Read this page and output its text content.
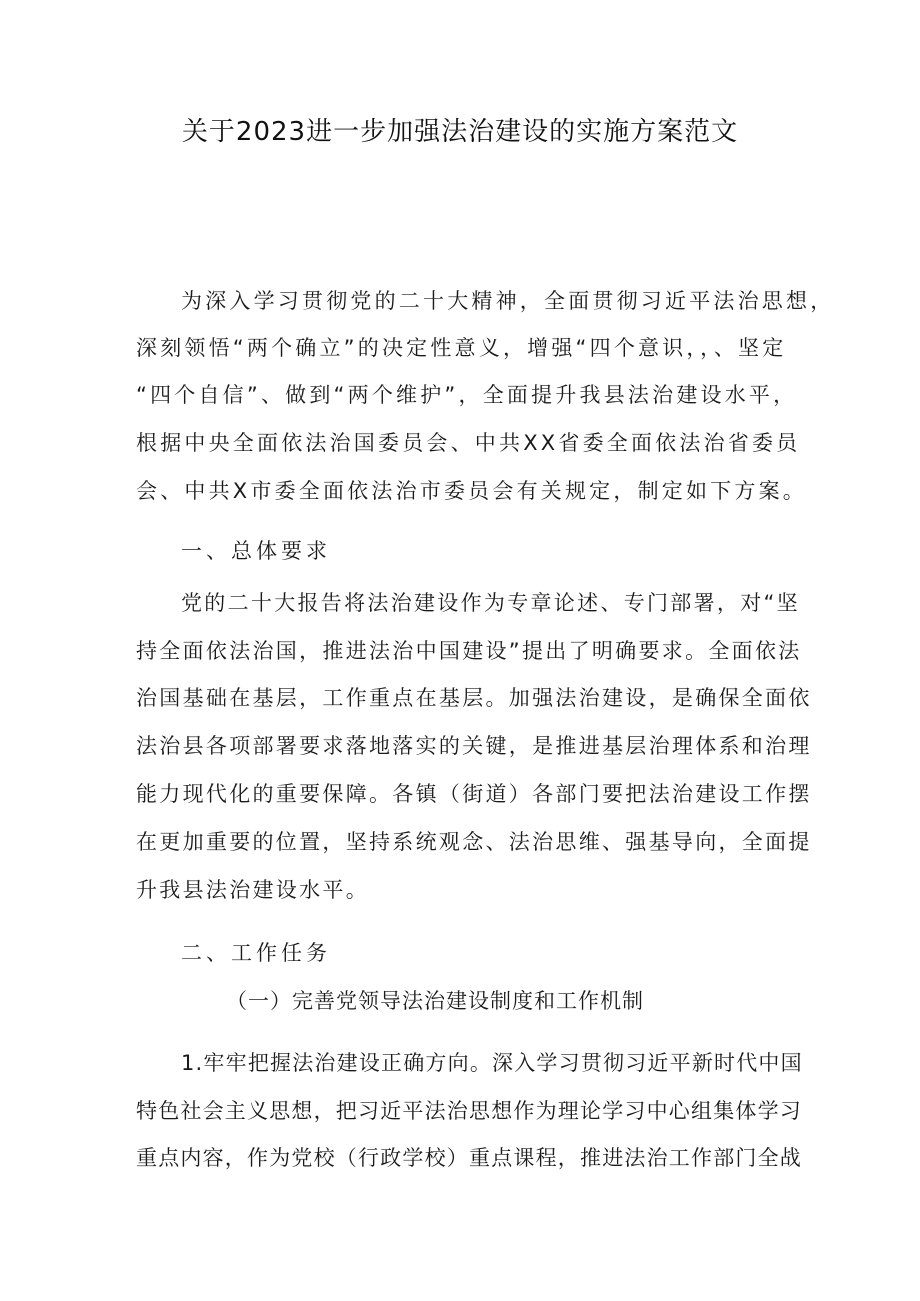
关于2023进一步加强法治建设的实施方案范文

为深入学习贯彻党的二十大精神，全面贯彻习近平法治思想，

深刻领悟“两个确立”的决定性意义，增强“四个意识，，、坚定

“四个自信”、做到“两个维护”，全面提升我县法治建设水平，

根据中央全面依法治国委员会、中共XX省委全面依法治省委员

会、中共X市委全面依法治市委员会有关规定，制定如下方案。

一、总体要求

党的二十大报告将法治建设作为专章论述、专门部署，对“坚

持全面依法治国，推进法治中国建设”提出了明确要求。全面依法

治国基础在基层，工作重点在基层。加强法治建设，是确保全面依

法治县各项部署要求落地落实的关键，是推进基层治理体系和治理

能力现代化的重要保障。各镇（街道）各部门要把法治建设工作摆

在更加重要的位置，坚持系统观念、法治思维、强基导向，全面提

升我县法治建设水平。

二、工作任务

（一）完善党领导法治建设制度和工作机制

1.牢牢把握法治建设正确方向。深入学习贯彻习近平新时代中国

特色社会主义思想，把习近平法治思想作为理论学习中心组集体学习

重点内容，作为党校（行政学校）重点课程，推进法治工作部门全战
